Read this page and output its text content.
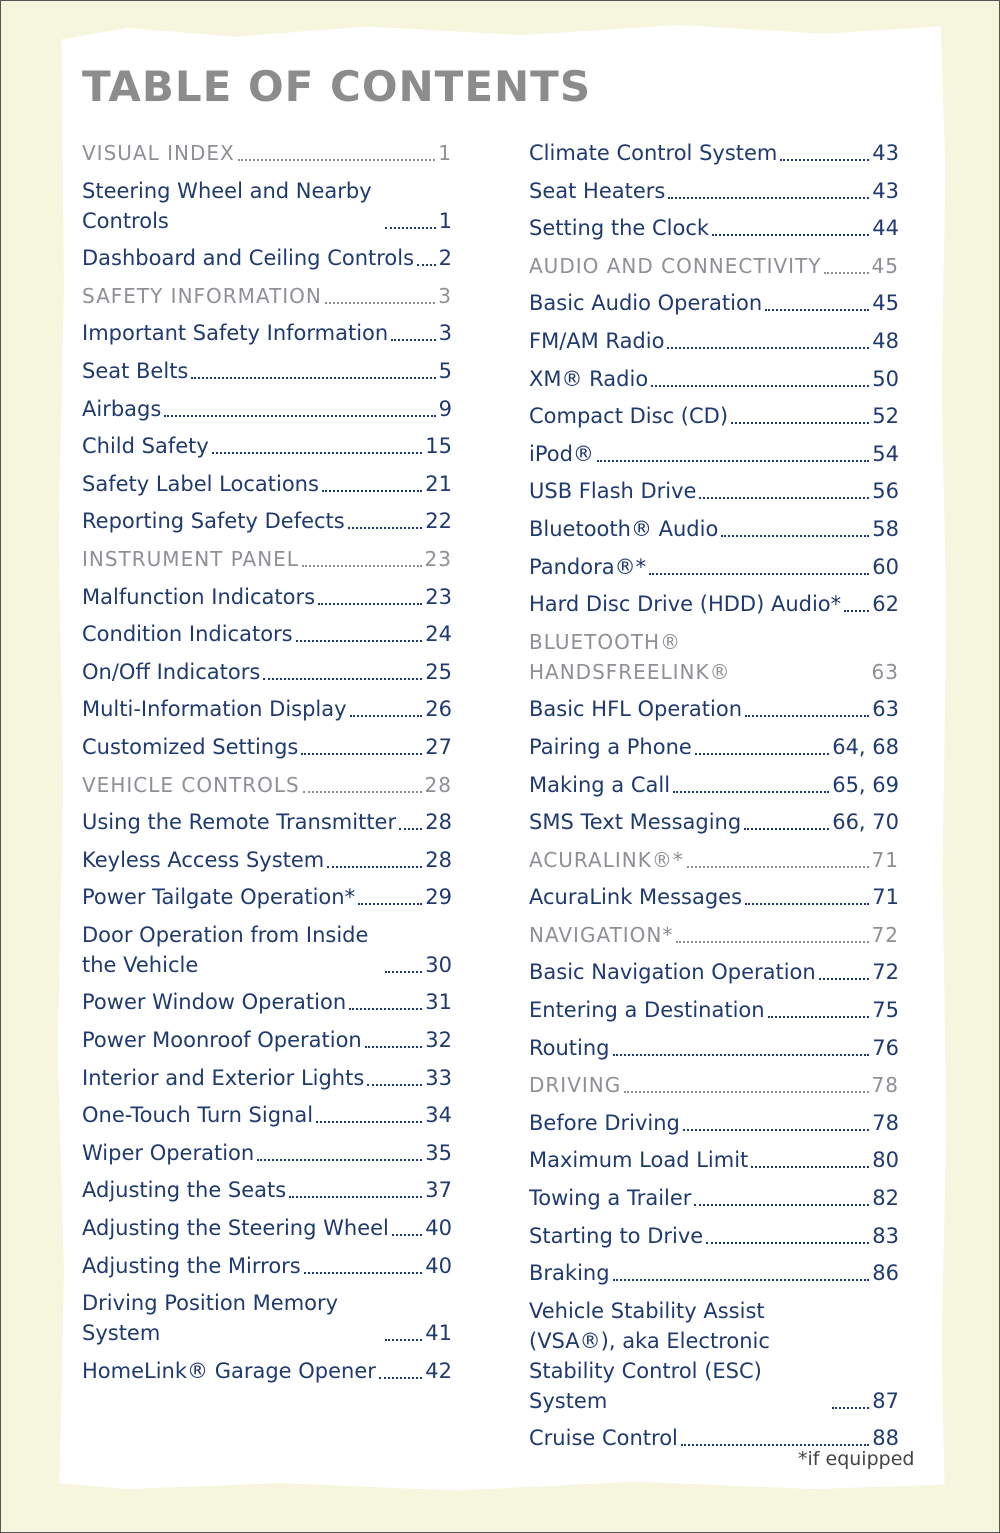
TABLE OF CONTENTS
VISUAL INDEX	1
Steering Wheel and Nearby Controls	1
Dashboard and Ceiling Controls 2
SAFETY INFORMATION	3
Important Safety Information 3
Seat Belts	5
Airbags	9
Child Safety	15
Safety Label Locations	21
Reporting Safety Defects	22
INSTRUMENT PANEL	23
Malfunction Indicators	23
Condition Indicators	24
On/Off Indicators	25
Multi-Information Display	26
Customized Settings	27
VEHICLE CONTROLS	28
Using the Remote Transmitter 28
Keyless Access System	28
Power Tailgate Operation*	29
Door Operation from Inside the Vehicle	30
Power Window Operation	31
Power Moonroof Operation	32
Interior and Exterior Lights	33
One-Touch Turn Signal	34
Wiper Operation	35
Adjusting the Seats	37
Adjusting the Steering Wheel 40
Adjusting the Mirrors	40
Driving Position Memory System	41
HomeLink® Garage Opener 42
Climate Control System	43
Seat Heaters	43
Setting the Clock	44
AUDIO AND CONNECTIVITY	45
Basic Audio Operation	45
FM/AM Radio	48
XM® Radio	50
Compact Disc (CD)	52
iPod®	54
USB Flash Drive	56
Bluetooth® Audio	58
Pandora®*	60
Hard Disc Drive (HDD) Audio* 62
BLUETOOTH® HANDSFREELINK®	63
Basic HFL Operation	63
Pairing a Phone	64, 68
Making a Call	65, 69
SMS Text Messaging	66, 70
ACURALINK®*	71
AcuraLink Messages	71
NAVIGATION*	72
Basic Navigation Operation	72
Entering a Destination	75
Routing	76
DRIVING	78
Before Driving	78
Maximum Load Limit	80
Towing a Trailer	82
Starting to Drive	83
Braking	86
Vehicle Stability Assist (VSA®), aka Electronic Stability Control (ESC) System	87
Cruise Control	88
*if equipped
